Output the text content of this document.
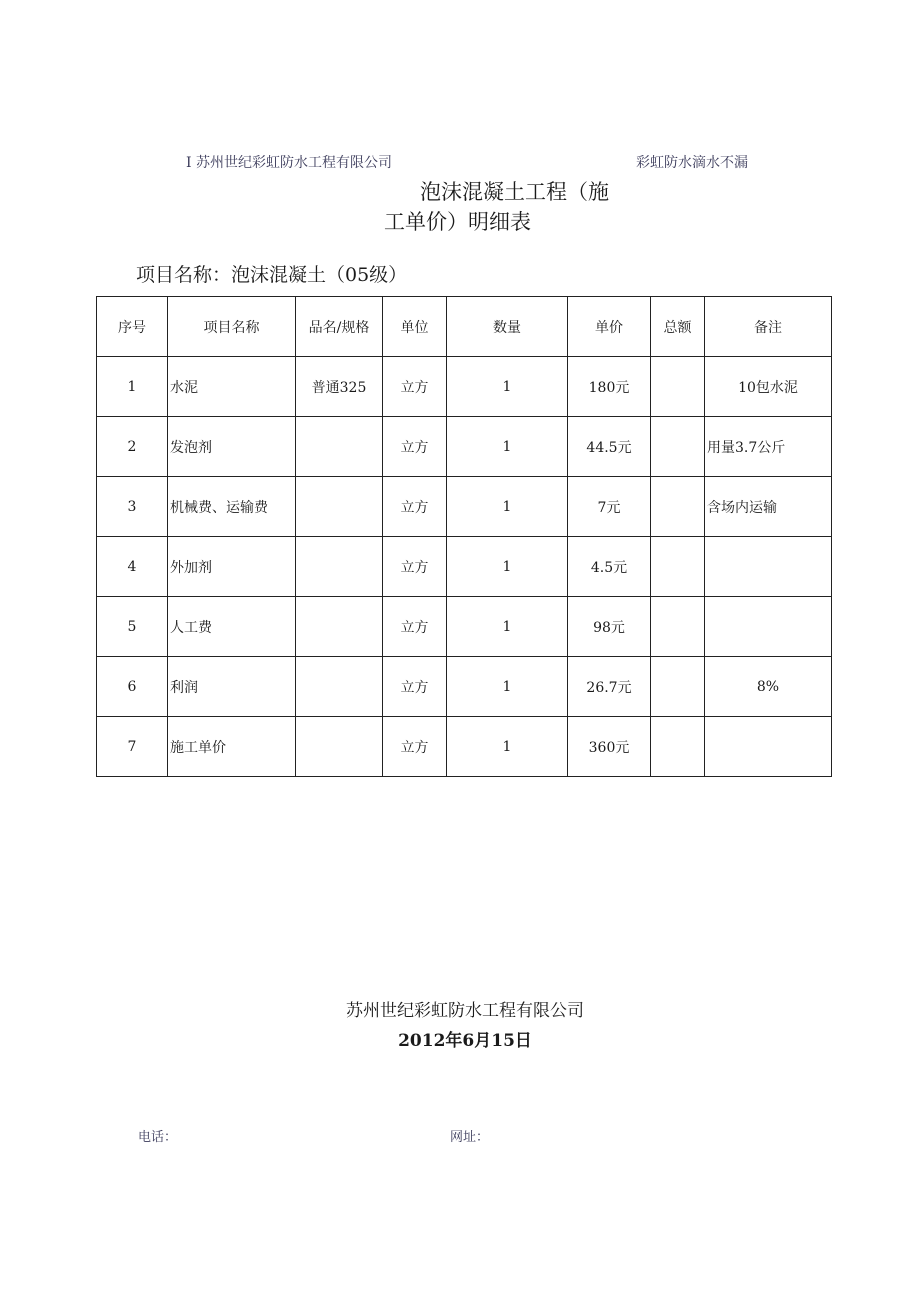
I 苏州世纪彩虹防水工程有限公司	彩虹防水滴水不漏
泡沫混凝土工程（施
工单价）明细表
项目名称：泡沫混凝土（05级）
序号	项目名称	品名/规格	单位	数量	单价	总额	备注
1	水泥	普通325	立方	1	180元		10包水泥
2	发泡剂		立方	1	44.5元		用量3.7公斤
3	机械费、运输费		立方	1	7元		含场内运输
4	外加剂		立方	1	4.5元		
5	人工费		立方	1	98元		
6	利润		立方	1	26.7元		8%
7	施工单价		立方	1	360元		
苏州世纪彩虹防水工程有限公司
2012年6月15日
电话：	网址：
